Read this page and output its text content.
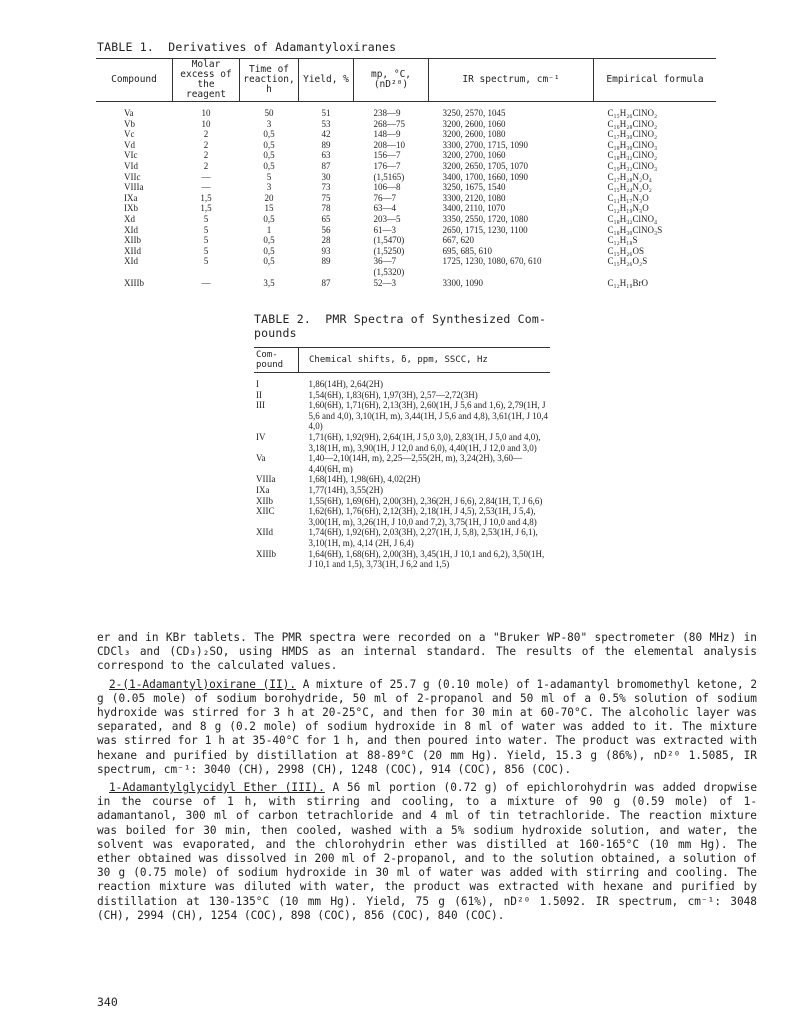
TABLE 1.  Derivatives of Adamantyloxiranes
Compound	Molar excess of the reagent	Time of reaction, h	Yield, %	mp, °C, (nD²⁰)	IR spectrum, cm⁻¹	Empirical formula
Va	10	50	51	238—9	3250, 2570, 1045	C₁₅H₂₆ClNO₂
Vb	10	3	53	268—75	3200, 2600, 1060	C₁₆H₂₈ClNO₂
Vc	2	0,5	42	148—9	3200, 2600, 1080	C₁₇H₃₀ClNO₂
Vd	2	0,5	89	208—10	3300, 2700, 1715, 1090	C₁₈H₃₀ClNO₃
VIc	2	0,5	63	156—7	3200, 2700, 1060	C₁₈H₃₂ClNO₂
VId	2	0,5	87	176—7	3200, 2650, 1705, 1070	C₁₉H₃₂ClNO₃
VIIc	—	5	30	(1,5165)	3400, 1700, 1660, 1090	C₁₇H₂₈N₂O₄
VIIIa	—	3	73	106—8	3250, 1675, 1540	C₁₅H₂₄N₂O₂
IXa	1,5	20	75	76—7	3300, 2120, 1080	C₁₁H₁₇N₃O
IXb	1,5	15	78	63—4	3400, 2110, 1070	C₁₂H₁₉N₃O
Xd	5	0,5	65	203—5	3350, 2550, 1720, 1080	C₁₈H₃₂ClNO₄
XId	5	1	56	61—3	2650, 1715, 1230, 1100	C₁₈H₃₀ClNO₃S
XIIb	5	0,5	28	(1,5470)	667, 620	C₁₂H₁₈S
XIId	5	0,5	93	(1,5250)	695, 685, 610	C₁₅H₂₆OS
XId	5	0,5	89	36—7	1725, 1230, 1080, 670, 610	C₁₅H₂₆O₂S
				(1,5320)		
XIIIb	—	3,5	87	52—3	3300, 1090	C₁₂H₁₉BrO
TABLE 2.  PMR Spectra of Synthesized Com-
pounds
Com-pound	Chemical shifts, δ, ppm, SSCC, Hz
I	1,86(14H), 2,64(2H)
II	1,54(6H), 1,83(6H), 1,97(3H), 2,57—2,72(3H)
III	1,60(6H), 1,71(6H), 2,13(3H), 2,60(1H, J 5,6 and 1,6), 2,79(1H, J 5,6 and 4,0), 3,10(1H, m), 3,44(1H, J 5,6 and 4,8), 3,61(1H, J 10,4 4,0)
IV	1,71(6H), 1,92(9H), 2,64(1H, J 5,0 3,0), 2,83(1H, J 5,0 and 4,0), 3,18(1H, m), 3,90(1H, J 12,0 and 6,0), 4,40(1H, J 12,0 and 3,0)
Va	1,40—2,10(14H, m), 2,25—2,55(2H, m), 3,24(2H), 3,60—4,40(6H, m)
VIIIa	1,68(14H), 1,98(6H), 4,02(2H)
IXa	1,77(14H), 3,55(2H)
XIIb	1,55(6H), 1,69(6H), 2,00(3H), 2,36(2H, J 6,6), 2,84(1H, T, J 6,6)
XIIC	1,62(6H), 1,76(6H), 2,12(3H), 2,18(1H, J 4,5), 2,53(1H, J 5,4), 3,00(1H, m), 3,26(1H, J 10,0 and 7,2), 3,75(1H, J 10,0 and 4,8)
XIId	1,74(6H), 1,92(6H), 2,03(3H), 2,27(1H, J, 5,8), 2,53(1H, J 6,1), 3,10(1H, m), 4,14 (2H, J 6,4)
XIIIb	1,64(6H), 1,68(6H), 2,00(3H), 3,45(1H, J 10,1 and 6,2), 3,50(1H, J 10,1 and 1,5), 3,73(1H, J 6,2 and 1,5)

er and in KBr tablets. The PMR spectra were recorded on a "Bruker WP-80" spectrometer (80 MHz) in CDCl₃ and (CD₃)₂SO, using HMDS as an internal standard. The results of the elemental analysis correspond to the calculated values.

2-(1-Adamantyl)oxirane (II). A mixture of 25.7 g (0.10 mole) of 1-adamantyl bromomethyl ketone, 2 g (0.05 mole) of sodium borohydride, 50 ml of 2-propanol and 50 ml of a 0.5% solution of sodium hydroxide was stirred for 3 h at 20-25°C, and then for 30 min at 60-70°C. The alcoholic layer was separated, and 8 g (0.2 mole) of sodium hydroxide in 8 ml of water was added to it. The mixture was stirred for 1 h at 35-40°C for 1 h, and then poured into water. The product was extracted with hexane and purified by distillation at 88-89°C (20 mm Hg). Yield, 15.3 g (86%), nD²⁰ 1.5085, IR spectrum, cm⁻¹: 3040 (CH), 2998 (CH), 1248 (COC), 914 (COC), 856 (COC).

1-Adamantylglycidyl Ether (III). A 56 ml portion (0.72 g) of epichlorohydrin was added dropwise in the course of 1 h, with stirring and cooling, to a mixture of 90 g (0.59 mole) of 1-adamantanol, 300 ml of carbon tetrachloride and 4 ml of tin tetrachloride. The reaction mixture was boiled for 30 min, then cooled, washed with a 5% sodium hydroxide solution, and water, the solvent was evaporated, and the chlorohydrin ether was distilled at 160-165°C (10 mm Hg). The ether obtained was dissolved in 200 ml of 2-propanol, and to the solution obtained, a solution of 30 g (0.75 mole) of sodium hydroxide in 30 ml of water was added with stirring and cooling. The reaction mixture was diluted with water, the product was extracted with hexane and purified by distillation at 130-135°C (10 mm Hg). Yield, 75 g (61%), nD²⁰ 1.5092. IR spectrum, cm⁻¹: 3048 (CH), 2994 (CH), 1254 (COC), 898 (COC), 856 (COC), 840 (COC).

340
